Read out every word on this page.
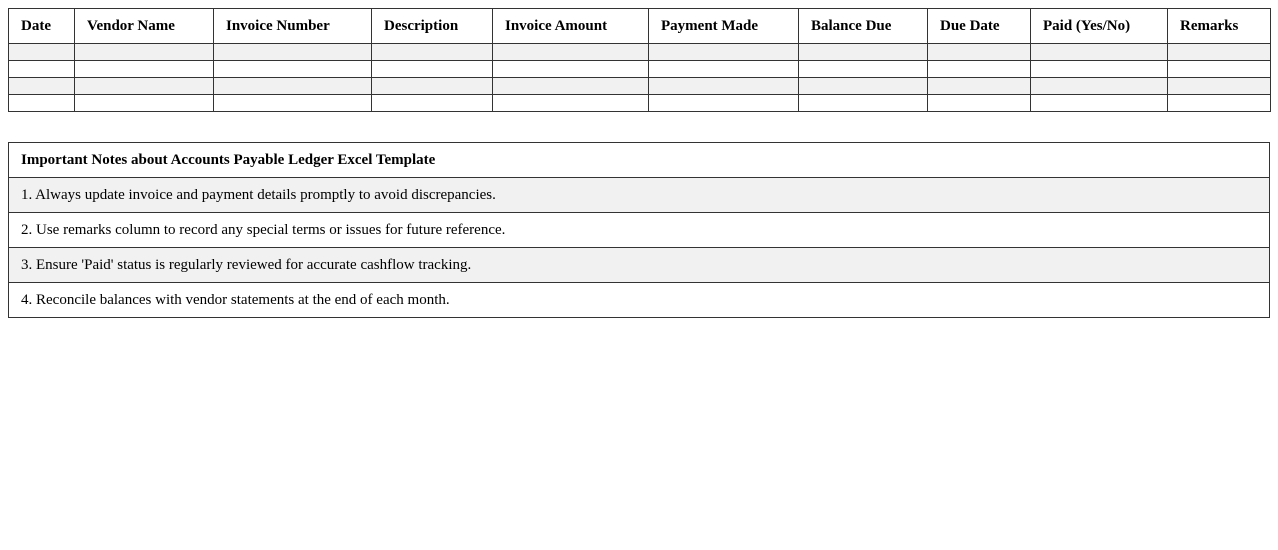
Date	Vendor Name	Invoice Number	Description	Invoice Amount	Payment Made	Balance Due	Due Date	Paid (Yes/No)	Remarks

Important Notes about Accounts Payable Ledger Excel Template
1. Always update invoice and payment details promptly to avoid discrepancies.
2. Use remarks column to record any special terms or issues for future reference.
3. Ensure 'Paid' status is regularly reviewed for accurate cashflow tracking.
4. Reconcile balances with vendor statements at the end of each month.
